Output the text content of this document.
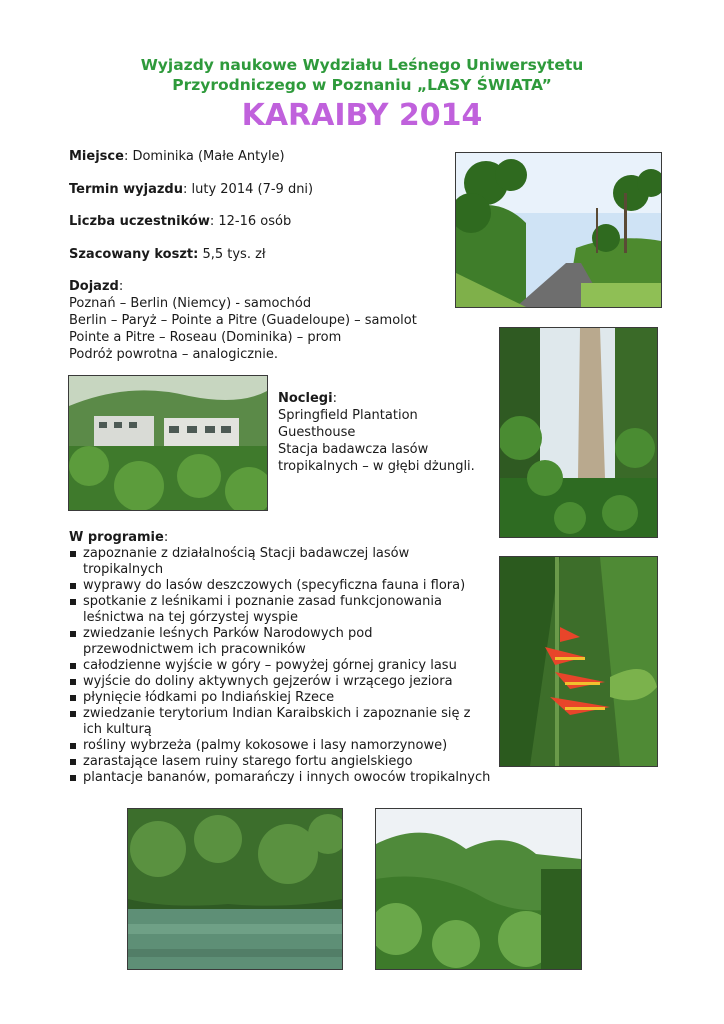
Wyjazdy naukowe Wydziału Leśnego Uniwersytetu
Przyrodniczego w Poznaniu „LASY ŚWIATA”
KARAIBY 2014
Miejsce: Dominika (Małe Antyle)
Termin wyjazdu: luty 2014 (7-9 dni)
Liczba uczestników: 12-16 osób
Szacowany koszt: 5,5 tys. zł
Dojazd:
Poznań – Berlin (Niemcy) - samochód
Berlin – Paryż – Pointe a Pitre (Guadeloupe) – samolot
Pointe a Pitre – Roseau (Dominika) – prom
Podróż powrotna – analogicznie.
Noclegi:
Springfield Plantation
Guesthouse
Stacja badawcza lasów
tropikalnych – w głębi dżungli.
W programie:
zapoznanie z działalnością Stacji badawczej lasów
tropikalnych
wyprawy do lasów deszczowych (specyficzna fauna i flora)
spotkanie z leśnikami i poznanie zasad funkcjonowania
leśnictwa na tej górzystej wyspie
zwiedzanie leśnych Parków Narodowych pod
przewodnictwem ich pracowników
całodzienne wyjście w góry – powyżej górnej granicy lasu
wyjście do doliny aktywnych gejzerów i wrzącego jeziora
płynięcie łódkami po Indiańskiej Rzece
zwiedzanie terytorium Indian Karaibskich i zapoznanie się z
ich kulturą
rośliny wybrzeża (palmy kokosowe i lasy namorzynowe)
zarastające lasem ruiny starego fortu angielskiego
plantacje bananów, pomarańczy i innych owoców tropikalnych
